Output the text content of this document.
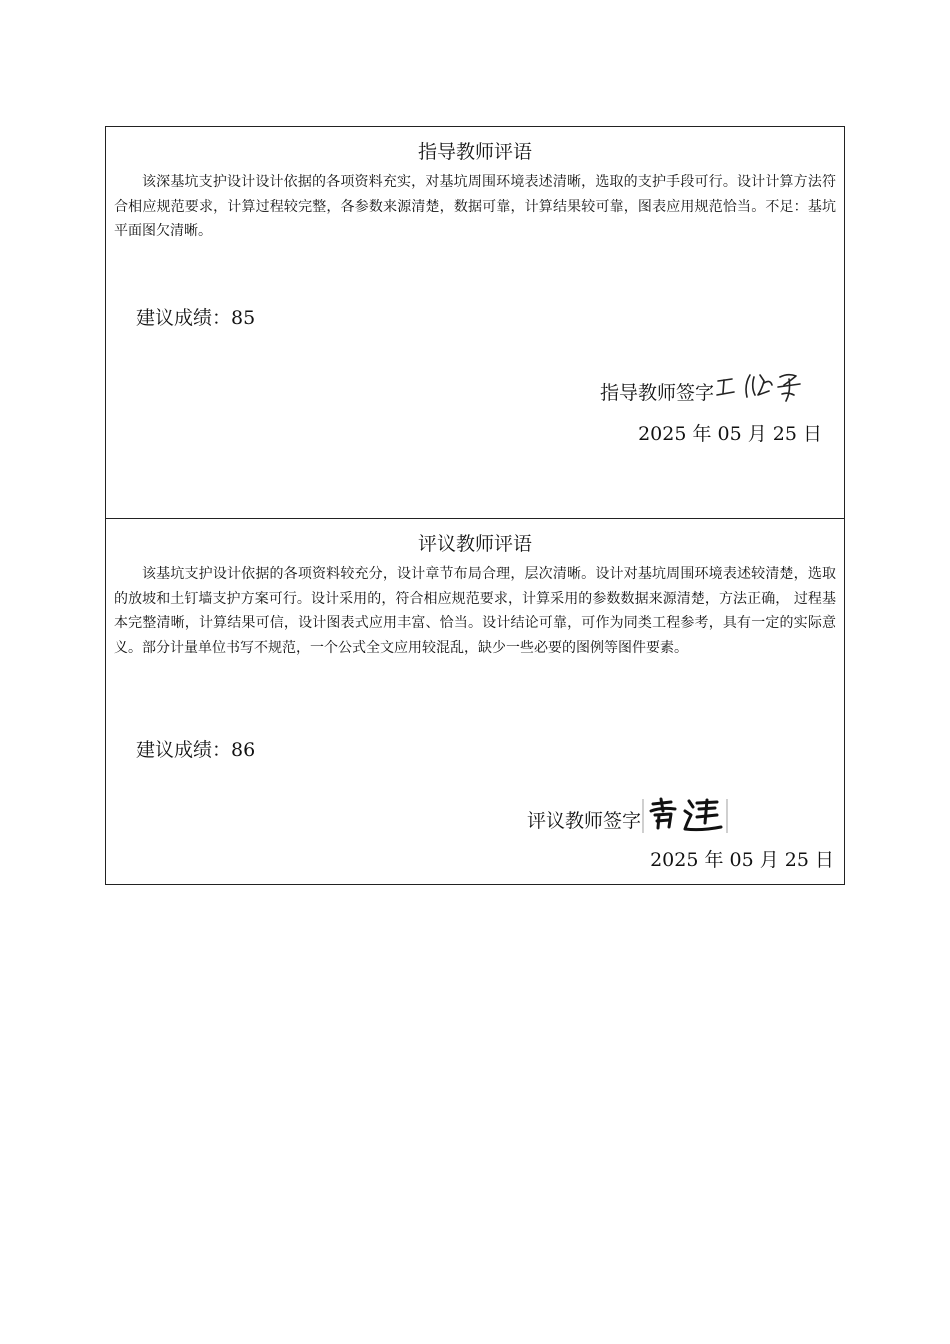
指导教师评语
该深基坑支护设计设计依据的各项资料充实，对基坑周围环境表述清晰，选取的支护手段可行。设计计算方法符合相应规范要求，计算过程较完整，各参数来源清楚，数据可靠，计算结果较可靠，图表应用规范恰当。不足：基坑平面图欠清晰。
建议成绩：85
指导教师签字
2025 年 05 月 25 日
评议教师评语
该基坑支护设计依据的各项资料较充分，设计章节布局合理，层次清晰。设计对基坑周围环境表述较清楚，选取的放坡和土钉墙支护方案可行。设计采用的，符合相应规范要求，计算采用的参数数据来源清楚，方法正确， 过程基本完整清晰，计算结果可信，设计图表式应用丰富、恰当。设计结论可靠，可作为同类工程参考，具有一定的实际意义。部分计量单位书写不规范，一个公式全文应用较混乱，缺少一些必要的图例等图件要素。
建议成绩：86
评议教师签字
2025 年 05 月 25 日
